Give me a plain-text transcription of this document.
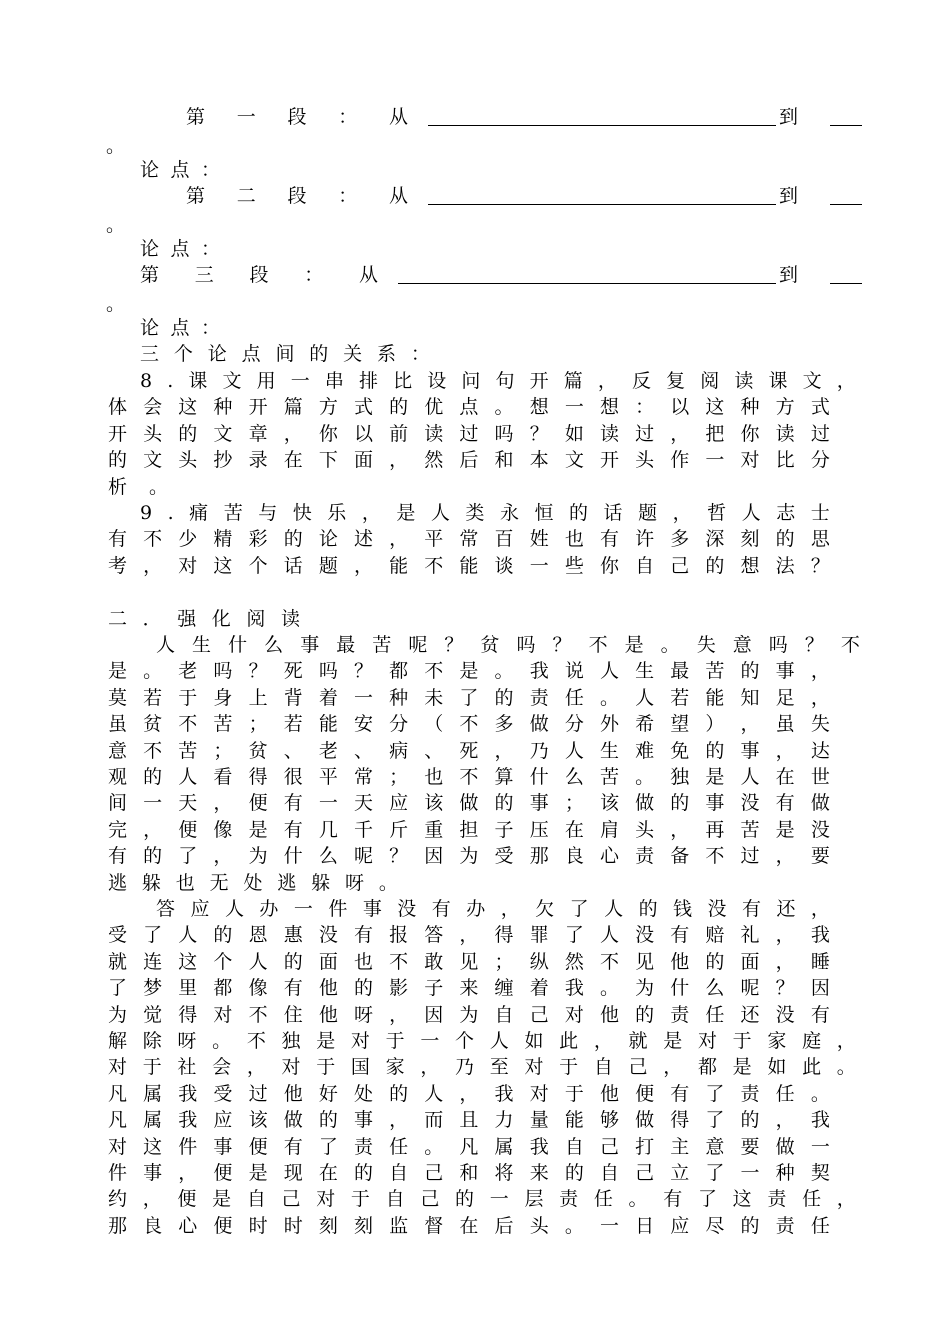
第 一 段 ： 从	到
。
论 点 ：
第 二 段 ： 从	到
。
论 点 ：
第 三 段 ： 从	到
。
论 点 ：
三 个 论 点 间 的 关 系 ：
8 . 课 文 用 一 串 排 比 设 问 句 开 篇 ， 反 复 阅 读 课 文 ，
体 会 这 种 开 篇 方 式 的 优 点 。 想 一 想 ： 以 这 种 方 式
开 头 的 文 章 ， 你 以 前 读 过 吗 ？ 如 读 过 ， 把 你 读 过
的 文 头 抄 录 在 下 面 ， 然 后 和 本 文 开 头 作 一 对 比 分
析 。
9 . 痛 苦 与 快 乐 ， 是 人 类 永 恒 的 话 题 ， 哲 人 志 士
有 不 少 精 彩 的 论 述 ， 平 常 百 姓 也 有 许 多 深 刻 的 思
考 ， 对 这 个 话 题 ， 能 不 能 谈 一 些 你 自 己 的 想 法 ？
二 ． 强 化 阅 读
人 生 什 么 事 最 苦 呢 ？ 贫 吗 ？ 不 是 。 失 意 吗 ？ 不
是 。 老 吗 ？ 死 吗 ？ 都 不 是 。 我 说 人 生 最 苦 的 事 ，
莫 若 于 身 上 背 着 一 种 未 了 的 责 任 。 人 若 能 知 足 ，
虽 贫 不 苦 ； 若 能 安 分 （ 不 多 做 分 外 希 望 ） ， 虽 失
意 不 苦 ； 贫 、 老 、 病 、 死 ， 乃 人 生 难 免 的 事 ， 达
观 的 人 看 得 很 平 常 ； 也 不 算 什 么 苦 。 独 是 人 在 世
间 一 天 ， 便 有 一 天 应 该 做 的 事 ； 该 做 的 事 没 有 做
完 ， 便 像 是 有 几 千 斤 重 担 子 压 在 肩 头 ， 再 苦 是 没
有 的 了 ， 为 什 么 呢 ？ 因 为 受 那 良 心 责 备 不 过 ， 要
逃 躲 也 无 处 逃 躲 呀 。
答 应 人 办 一 件 事 没 有 办 ， 欠 了 人 的 钱 没 有 还 ，
受 了 人 的 恩 惠 没 有 报 答 ， 得 罪 了 人 没 有 赔 礼 ， 我
就 连 这 个 人 的 面 也 不 敢 见 ； 纵 然 不 见 他 的 面 ， 睡
了 梦 里 都 像 有 他 的 影 子 来 缠 着 我 。 为 什 么 呢 ？ 因
为 觉 得 对 不 住 他 呀 ， 因 为 自 己 对 他 的 责 任 还 没 有
解 除 呀 。 不 独 是 对 于 一 个 人 如 此 ， 就 是 对 于 家 庭 ，
对 于 社 会 ， 对 于 国 家 ， 乃 至 对 于 自 己 ， 都 是 如 此 。
凡 属 我 受 过 他 好 处 的 人 ， 我 对 于 他 便 有 了 责 任 。
凡 属 我 应 该 做 的 事 ， 而 且 力 量 能 够 做 得 了 的 ， 我
对 这 件 事 便 有 了 责 任 。 凡 属 我 自 己 打 主 意 要 做 一
件 事 ， 便 是 现 在 的 自 己 和 将 来 的 自 己 立 了 一 种 契
约 ， 便 是 自 己 对 于 自 己 的 一 层 责 任 。 有 了 这 责 任 ，
那 良 心 便 时 时 刻 刻 监 督 在 后 头 。 一 日 应 尽 的 责 任
